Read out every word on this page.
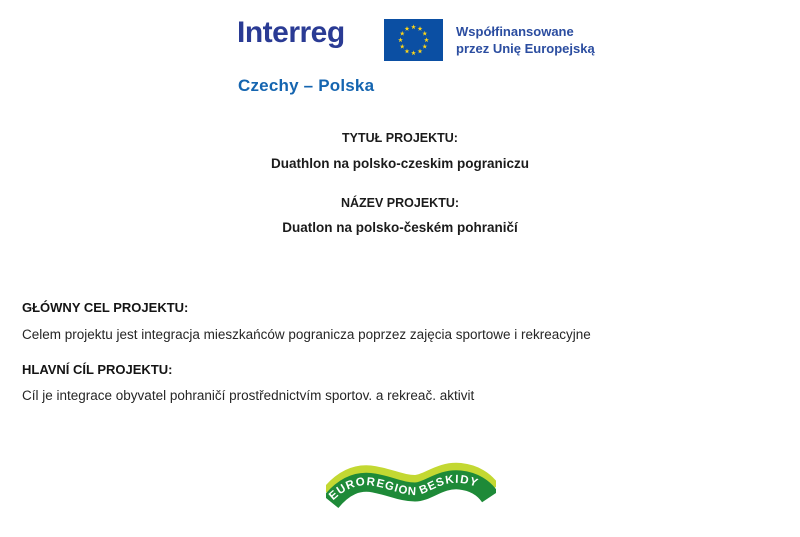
Interreg	Współfinansowane
przez Unię Europejską
Czechy – Polska
TYTUŁ PROJEKTU:
Duathlon na polsko-czeskim pograniczu
NÁZEV PROJEKTU:
Duatlon na polsko-českém pohraničí
GŁÓWNY CEL PROJEKTU:
Celem projektu jest integracja mieszkańców pogranicza poprzez zajęcia sportowe i rekreacyjne
HLAVNÍ CÍL PROJEKTU:
Cíl je integrace obyvatel pohraničí prostřednictvím sportov. a rekreač. aktivit
EUROREGION BESKIDY
